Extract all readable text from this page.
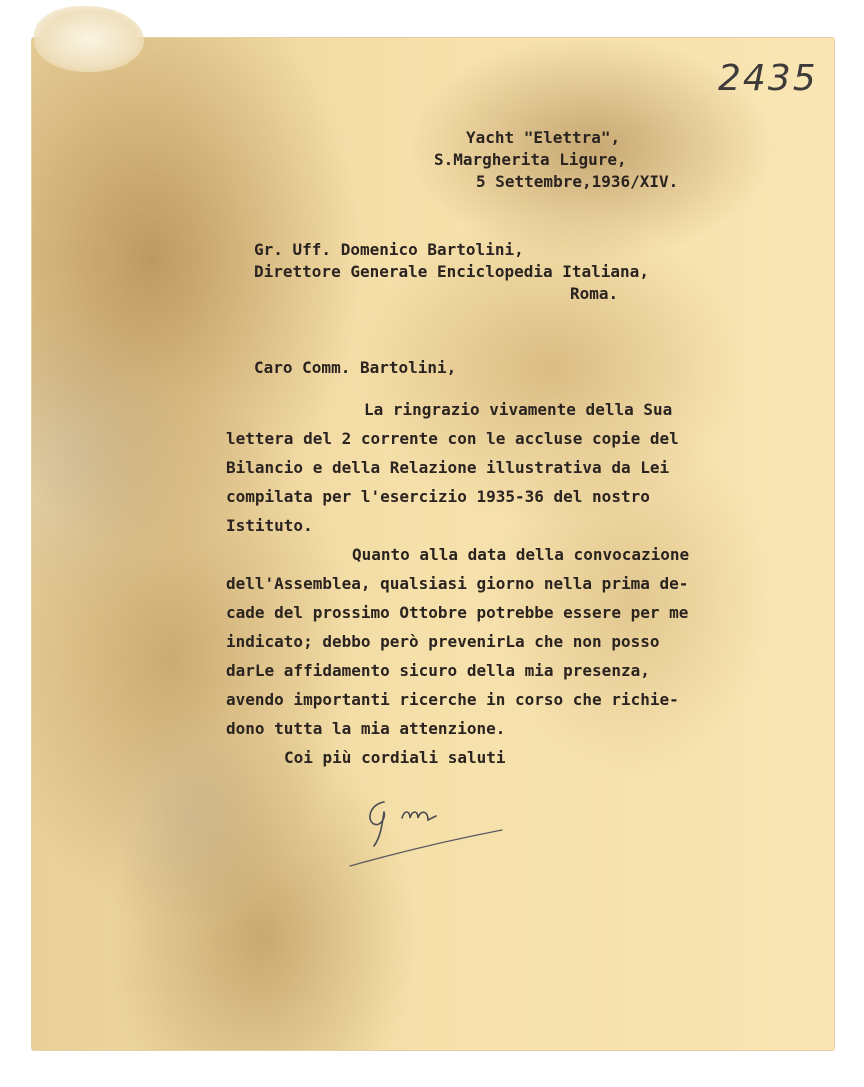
2435

Yacht "Elettra",

S.Margherita Ligure,

5 Settembre,1936/XIV.

Gr. Uff. Domenico Bartolini,

Direttore Generale Enciclopedia Italiana,

Roma.

Caro Comm. Bartolini,

La ringrazio vivamente della Sua

lettera del 2 corrente con le accluse copie del

Bilancio e della Relazione illustrativa da Lei

compilata per l'esercizio 1935-36 del nostro

Istituto.

Quanto alla data della convocazione

dell'Assemblea, qualsiasi giorno nella prima de-

cade del prossimo Ottobre potrebbe essere per me

indicato; debbo però prevenirLa che non posso

darLe affidamento sicuro della mia presenza,

avendo importanti ricerche in corso che richie-

dono tutta la mia attenzione.

Coi più cordiali saluti
